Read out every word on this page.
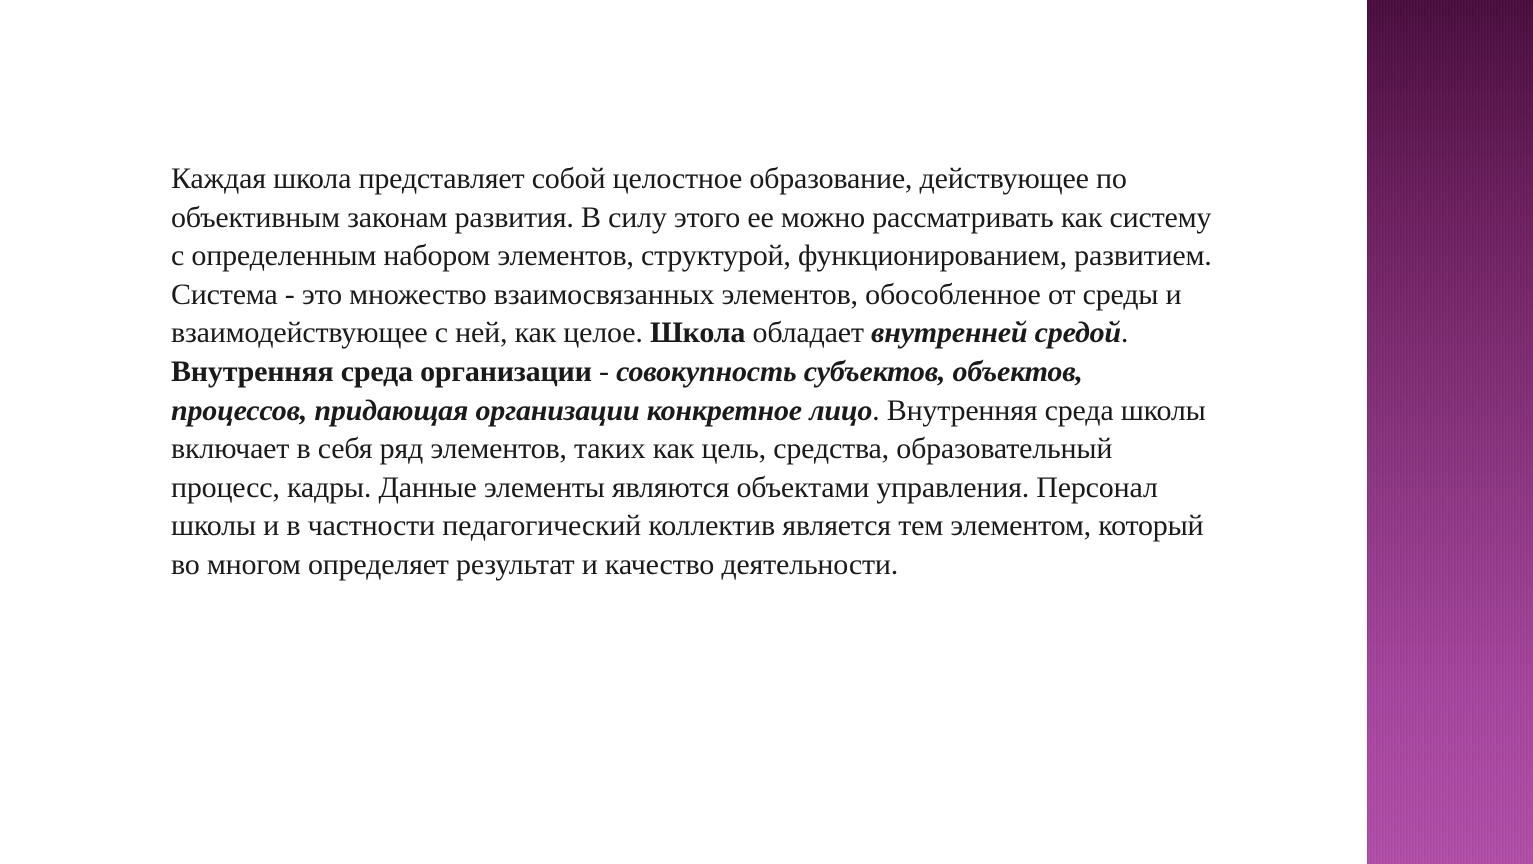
Каждая школа представляет собой целостное образование, действующее по объективным законам развития. В силу этого ее можно рассматривать как систему с определенным набором элементов, структурой, функционированием, развитием. Система - это множество взаимосвязанных элементов, обособленное от среды и взаимодействующее с ней, как целое. Школа обладает внутренней средой. Внутренняя среда организации - совокупность субъектов, объектов, процессов, придающая организации конкретное лицо. Внутренняя среда школы включает в себя ряд элементов, таких как цель, средства, образовательный процесс, кадры. Данные элементы являются объектами управления. Персонал школы и в частности педагогический коллектив является тем элементом, который во многом определяет результат и качество деятельности.
